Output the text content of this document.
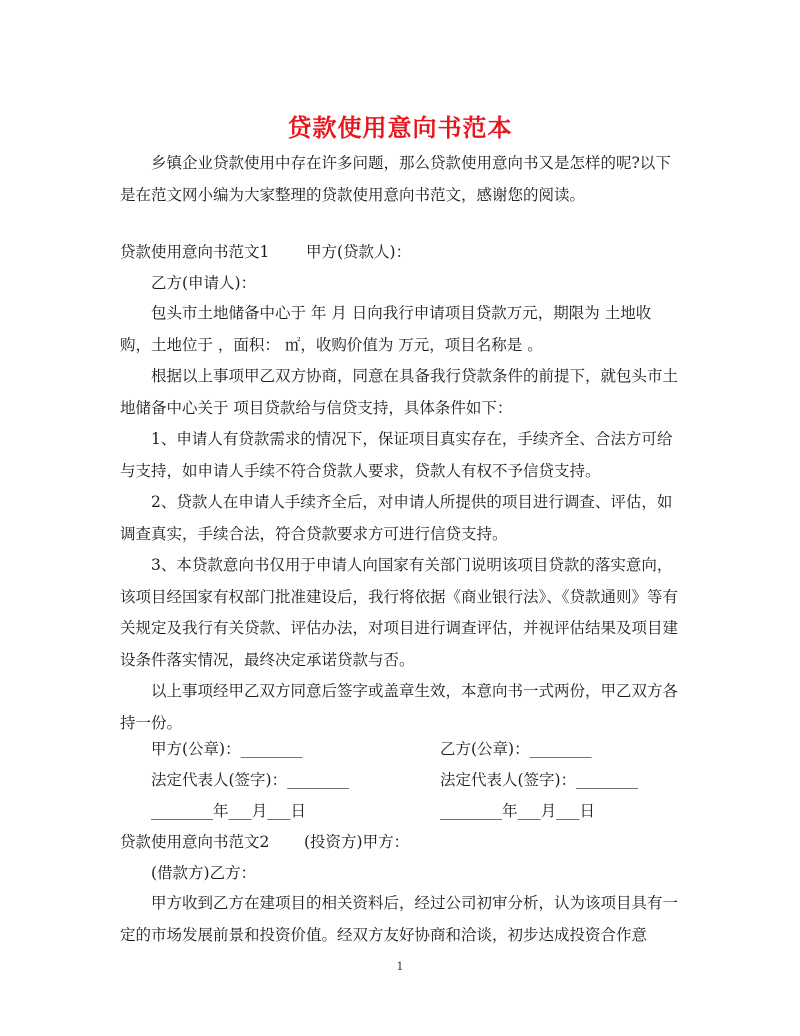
贷款使用意向书范本
乡镇企业贷款使用中存在许多问题，那么贷款使用意向书又是怎样的呢?以下是在范文网小编为大家整理的贷款使用意向书范文，感谢您的阅读。
贷款使用意向书范文1 甲方(贷款人)：
乙方(申请人)：
包头市土地储备中心于 年 月 日向我行申请项目贷款万元，期限为 土地收购，土地位于 ，面积： ㎡，收购价值为 万元，项目名称是 。
根据以上事项甲乙双方协商，同意在具备我行贷款条件的前提下，就包头市土地储备中心关于 项目贷款给与信贷支持，具体条件如下：
1、申请人有贷款需求的情况下，保证项目真实存在，手续齐全、合法方可给与支持，如申请人手续不符合贷款人要求，贷款人有权不予信贷支持。
2、贷款人在申请人手续齐全后，对申请人所提供的项目进行调查、评估，如调查真实，手续合法，符合贷款要求方可进行信贷支持。
3、本贷款意向书仅用于申请人向国家有关部门说明该项目贷款的落实意向，该项目经国家有权部门批准建设后，我行将依据《商业银行法》、《贷款通则》等有关规定及我行有关贷款、评估办法，对项目进行调查评估，并视评估结果及项目建设条件落实情况，最终决定承诺贷款与否。
以上事项经甲乙双方同意后签字或盖章生效，本意向书一式两份，甲乙双方各持一份。
甲方(公章)：________	乙方(公章)：________
法定代表人(签字)：________	法定代表人(签字)：________
________年___月___日	________年___月___日
贷款使用意向书范文2 (投资方)甲方：
(借款方)乙方：
甲方收到乙方在建项目的相关资料后，经过公司初审分析，认为该项目具有一定的市场发展前景和投资价值。经双方友好协商和洽谈，初步达成投资合作意
1
